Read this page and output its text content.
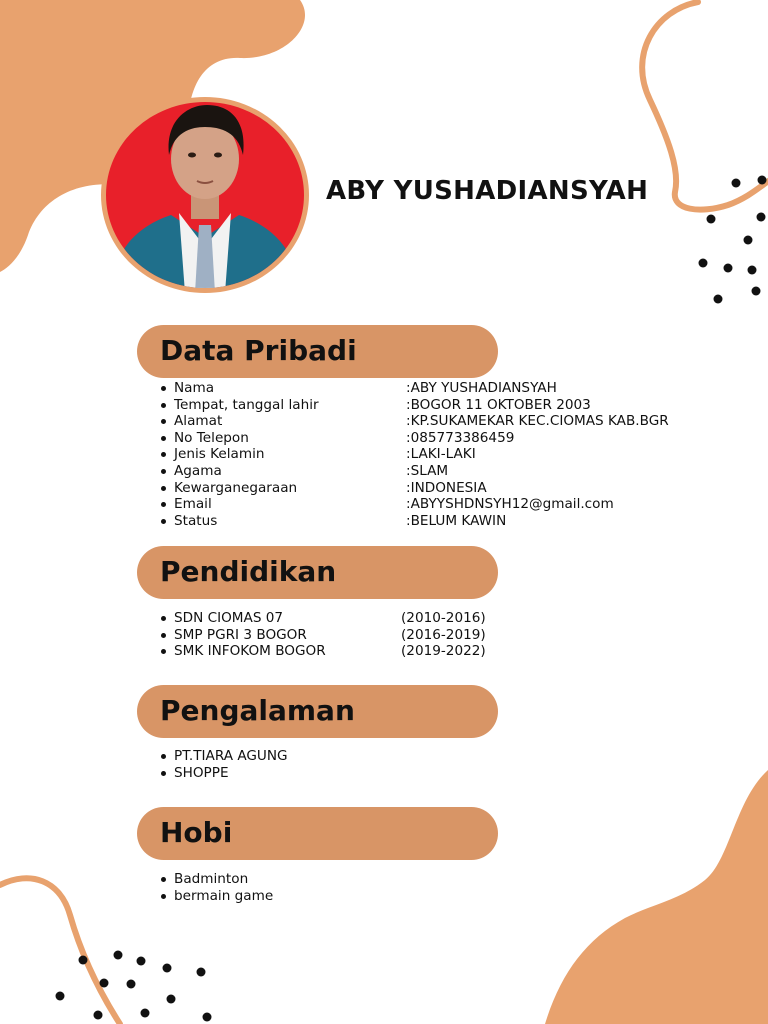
ABY YUSHADIANSYAH
Data Pribadi
Nama	:ABY YUSHADIANSYAH
Tempat, tanggal lahir	:BOGOR 11 OKTOBER 2003
Alamat	:KP.SUKAMEKAR KEC.CIOMAS KAB.BGR
No Telepon	:085773386459
Jenis Kelamin	:LAKI-LAKI
Agama	:SLAM
Kewarganegaraan	:INDONESIA
Email	:ABYYSHDNSYH12@gmail.com
Status	:BELUM KAWIN
Pendidikan
SDN CIOMAS 07	(2010-2016)
SMP PGRI 3 BOGOR	(2016-2019)
SMK INFOKOM BOGOR	(2019-2022)
Pengalaman
PT.TIARA AGUNG
SHOPPE
Hobi
Badminton
bermain game
